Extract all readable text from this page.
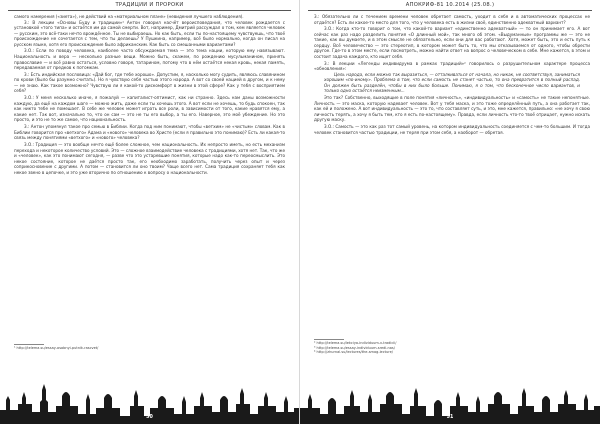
ТРАДИЦИИ И ПРОРОКИ

самого намерения («зиета»), не действий на «материальном плане» (невидения лучшего наблюдения).

3.: В лекции «Основы Буду и традиции»¹ Антон говорил насчёт вероисповедания, что человек рождается с установкой «того типа» и остаётся им до самой смерти. Вот, например, Дмитрий рассуждал о том, кем является человек — русским, это всё-таки нечто врождённое. Ты не выбираешь. Но как быть, если ты по-настоящему чувствуешь, что твоё происхождение не сочетается с тем, что ты делаешь? У Пушкина, например, всё было нормально, когда он писал на русском языке, хотя его происхождение было африканским. Как быть со смешанными вариантами?

3.О.: Если по поводу человека, наиболее часто обсуждаемая тема — это тема нации, которую ему навязывают. Национальность и вера — несколько разные вещи. Можно быть, скажем, по рождению мусульманином, принять православие — и всё равно остаться, условно говоря, татарином, потому что в нём остаётся некая кровь, некая память, передаваемая от предков к потомкам.

3.: Есть индийская пословица: «Дай бог, где тебе хорошо». Допустим, я, насколько могу судить, являюсь славянином по крови (было бы разумно считать). Но я чувствую себя частью этого народа. А вот со своей нацией в другом, и к нему — не знаю. Как такое возможно? Чувствую ли я какой-то дискомфорт в жизни в этой сфере? Как у тебя с восприятием себя?

3.О.: У меня несколько иначе, я пожалуй — капиталист-оптимист, как ни странно. Здесь нам даны возможности каждую, да ещё на каждом шаге — можно жить, даже если ты хочешь этого. А вот если не хочешь, то будь спокоен, так как никто тебе не помешает. В себе же человек может играть все роли, в зависимости от того, какие нравятся ему, а какие нет. Так вот, изначально то, что он сам — это не ты его выбор, а ты его. Наверное, это моё убеждение. Но это просто, и это не то же самое, что национальность.

3.: Антон упомянул такое про семью в Библии. Когда под ним понимают, чтобы «ветхим» не «чистым» словам. Как в Библии говорится про «ветхого» Адама и «нового» человека во Христе (если я правильно это понимаю)? Есть ли какая-то связь между понятиями «ветхого» и «нового» человека?

3.О.: Традиция — это вообще нечто ещё более сложное, чем национальность. Их непросто иметь, но есть механизм перехода и некоторое количество условий. Это — сложное взаимодействие человека с традициями, хотя нет. Так, что же и «человек», как это понимают сегодня, — разве что это устаревшие понятия, которые надо как-то переосмыслить. Это некое состояние, которое не даётся просто так, его необходимо заработать, получить через опыт и через соприкосновение с другими. А потом — становится ли оно твоим? Чаще всего нет. Сама традиция сохраняет тебя как некое звено в цепочке, и это уже вторично по отношению к вопросу о национальности.

¹ http://telema.su/essay-osobnyi-putnik-rascvet/
50
АПОКРИФ-81 10.2014 (25.08.)

3.: Обязательно ли с течением времени человек обретает самость, уходит в себя и в автоматических процессах не отдаётся? Есть ли какое-то место для того, что у человека есть в жизни своё, единственно адекватный вариант?

3.О.: Когда кто-то говорит о том, что какой-то вариант «единственно адекватный» — то он принимает его. А вот сейчас как раз надо разделить понятия «О длинный мой», так много об этом. «Выдуманные» программы же — это не такие, как вы думаете, и в этом смысле не обязательно, если они для вас работают. Хотя, может быть, это и есть путь к сердцу. Всё человечество — это стереотип, в котором может быть то, что мы отказываемся от одного, чтобы обрести другое. Где-то в этом месте, если посмотреть, можно найти ответ на вопрос о человеческом в себе. Мне кажется, в этом и состоит задача каждого, кто ищет себя.

3.: В лекции «Легенды индивидуума в рамках традиций»² говорилось о разрушительном характере процесса «обновления»:

Цель народа, если можно так выразиться, — отталкиваться от начала, но никак, не соответствуя, заниматься хорошим «по-иному». Проблема в том, что если самость не станет частью, то она превратится в полный распад. Он должен быть разделён, чтобы в них было больше. Понимаю, я о том, что бесконечное число вариантов, и только одно остаётся неизменным...

Это так? Собственно, выходящие в поле понятия «личность», «индивидуальность» и «самость» не такие непонятные. Личность — это маска, которую надевает человек. Вот у тебя маска, и это тоже определённый путь, а она работает так, как ей и положено. А вот индивидуальность — это то, что составляет суть, и это, мне кажется, правильно: «не хочу я свою личность терять, а хочу я быть тем, кто я есть по-настоящему». Правда, если личность что-то твоё отрицает, нужно искать другую маску.

3.О.: Самость — это как раз тот самый уровень, на котором индивидуальность соединяется с чем-то большим. И тогда человек становится частью традиции, не теряя при этом себя, а наоборот — обретая.

² http://telema.su/lekciya-individuum-v-tradicii/
³ http://telema.su/essay-individuum-sredi-nas/
⁴ http://zhurnal.su/lectures/the-smog-lecture/
51
